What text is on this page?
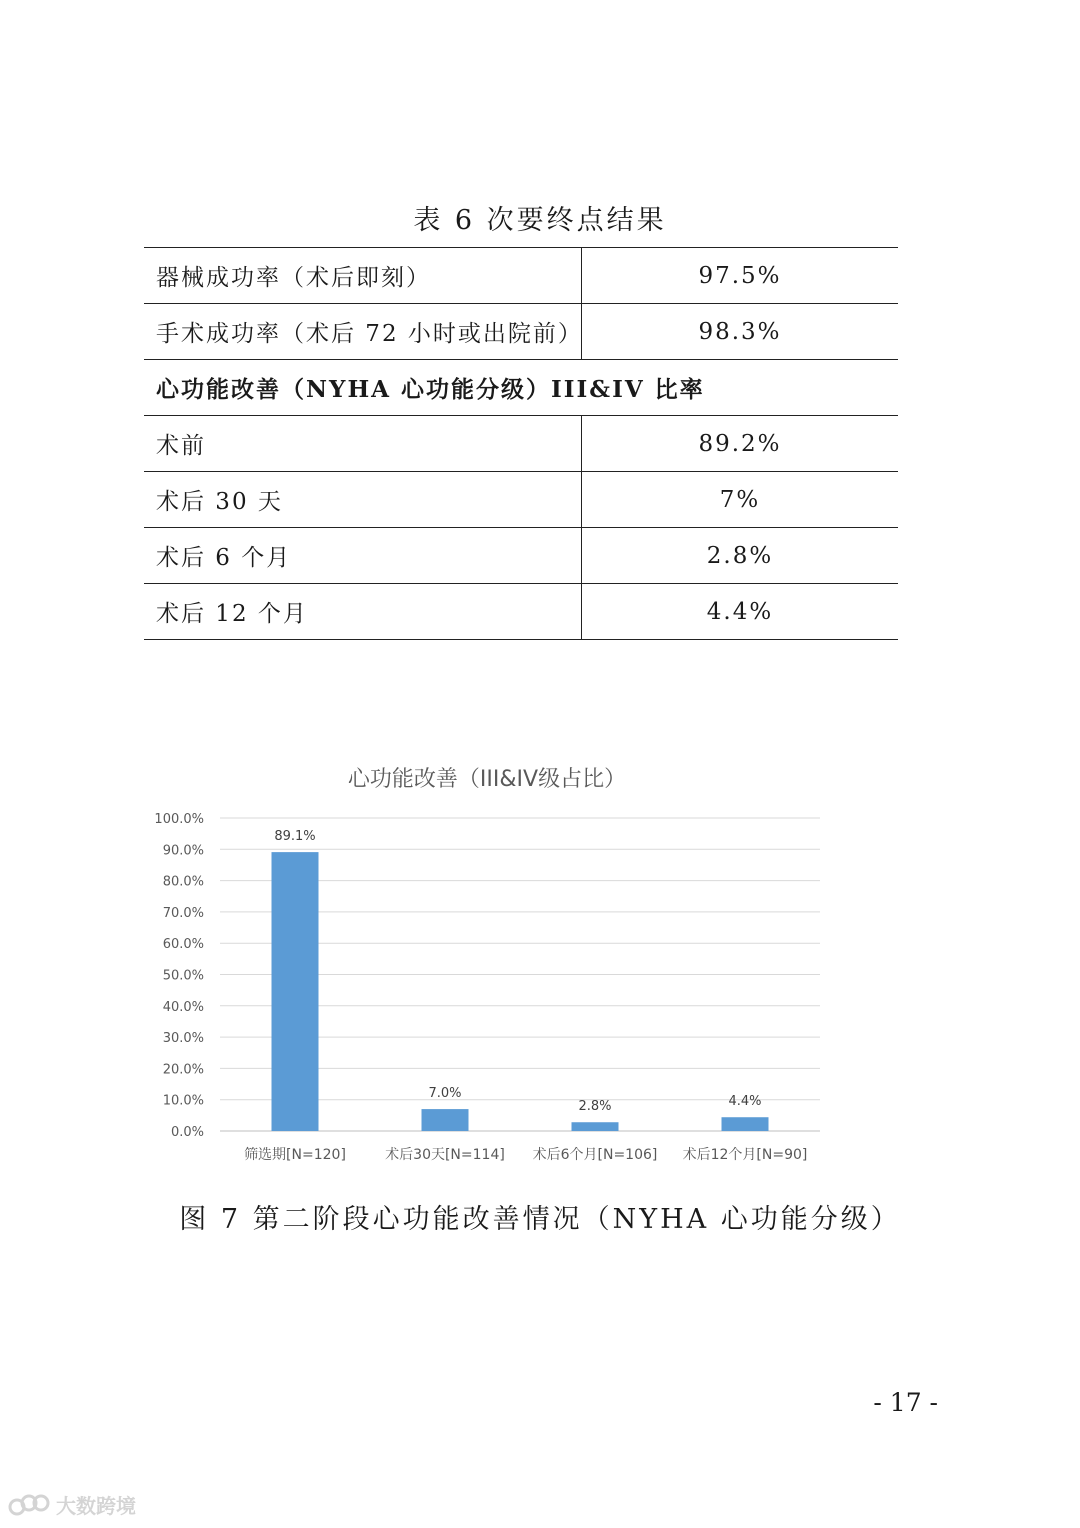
表 6 次要终点结果
器械成功率（术后即刻）	97.5%
手术成功率（术后 72 小时或出院前）	98.3%
心功能改善（NYHA 心功能分级）III&IV 比率	
术前	89.2%
术后 30 天	7%
术后 6 个月	2.8%
术后 12 个月	4.4%
心功能改善（III&IV级占比）
0.0%
10.0%
20.0%
30.0%
40.0%
50.0%
60.0%
70.0%
80.0%
90.0%
100.0%
89.1%
7.0%
2.8%	4.4%
筛选期[N=120]	术后30天[N=114] 术后6个月[N=106] 术后12个月[N=90]
图 7 第二阶段心功能改善情况（NYHA 心功能分级）
- 17 -
大数跨境
